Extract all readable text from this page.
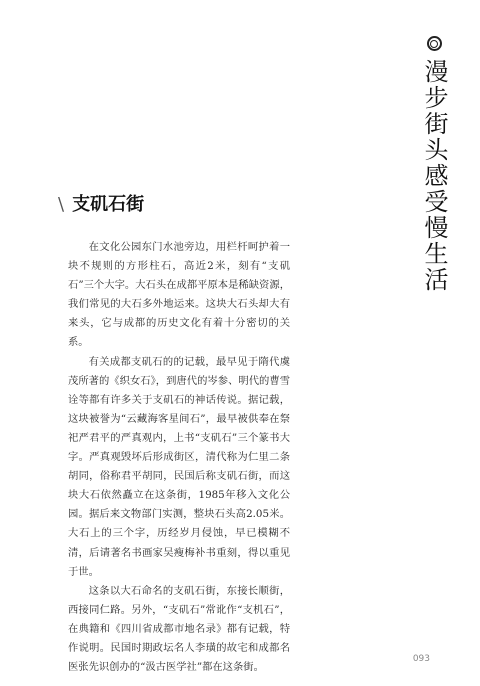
漫步街头感受慢生活
\ 支矶石街

在文化公园东门水池旁边，用栏杆呵护着一块不规则的方形柱石，高近2米，刻有“支矶石”三个大字。大石头在成都平原本是稀缺资源，我们常见的大石多外地运来。这块大石头却大有来头，它与成都的历史文化有着十分密切的关系。

有关成都支矶石的的记载，最早见于隋代虞茂所著的《织女石》，到唐代的岑参、明代的曹雪诠等都有许多关于支矶石的神话传说。据记载，这块被誉为“云藏海客星间石”，最早被供奉在祭祀严君平的严真观内，上书“支矶石”三个篆书大字。严真观毁坏后形成街区，清代称为仁里二条胡同，俗称君平胡同，民国后称支矶石街，而这块大石依然矗立在这条街，1985年移入文化公园。据后来文物部门实测，整块石头高2.05米。大石上的三个字，历经岁月侵蚀，早已模糊不清，后请著名书画家吴瘦梅补书重刻，得以重见于世。

这条以大石命名的支矶石街，东接长顺街，西接同仁路。另外，“支矶石”常讹作“支机石”，在典籍和《四川省成都市地名录》都有记载，特作说明。民国时期政坛名人李璜的故宅和成都名医张先识创办的“汲古医学社”都在这条街。

093
